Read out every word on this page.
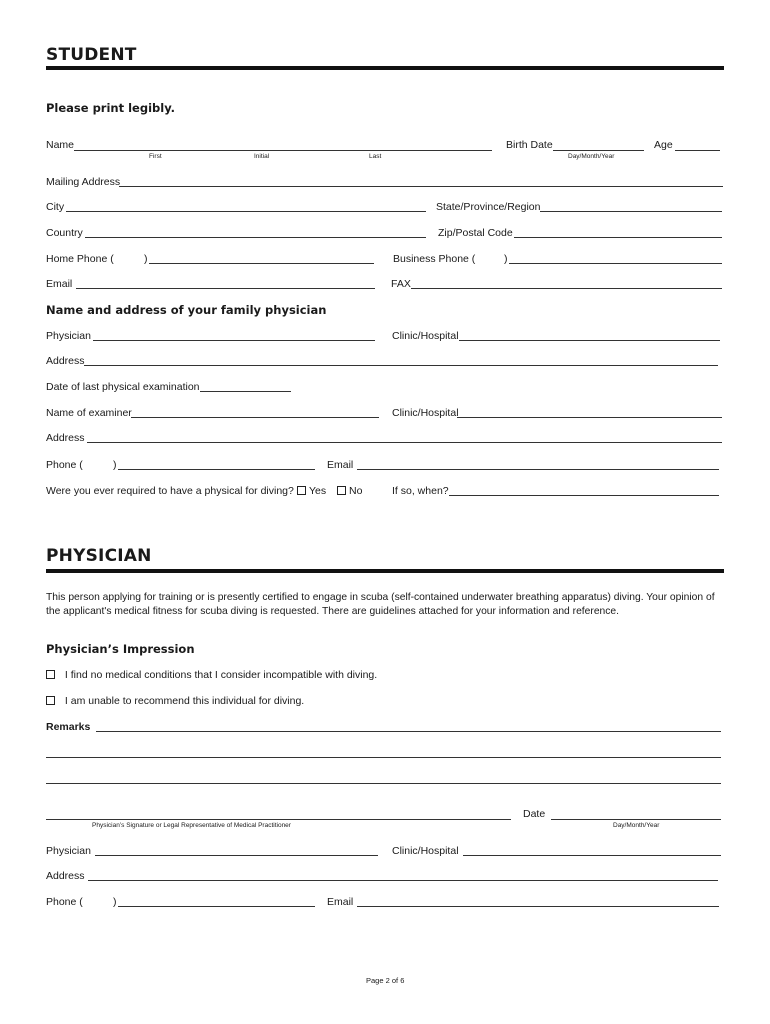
STUDENT
Please print legibly.
Name
First	Initial	Last
Birth Date
Day/Month/Year
Age
Mailing Address
City	State/Province/Region
Country	Zip/Postal Code
Home Phone (	)	Business Phone (	)
Email	FAX
Name and address of your family physician
Physician	Clinic/Hospital
Address
Date of last physical examination
Name of examiner	Clinic/Hospital
Address
Phone (	)	Email
Were you ever required to have a physical for diving?	Yes	No	If so, when?
PHYSICIAN
This person applying for training or is presently certified to engage in scuba (self-contained underwater breathing apparatus) diving. Your opinion of the applicant's medical fitness for scuba diving is requested. There are guidelines attached for your information and reference.
Physician’s Impression
I find no medical conditions that I consider incompatible with diving.
I am unable to recommend this individual for diving.
Remarks
Physician’s Signature or Legal Representative of Medical Practitioner
Date
Day/Month/Year
Physician	Clinic/Hospital
Address
Phone (	)	Email
Page 2 of 6
